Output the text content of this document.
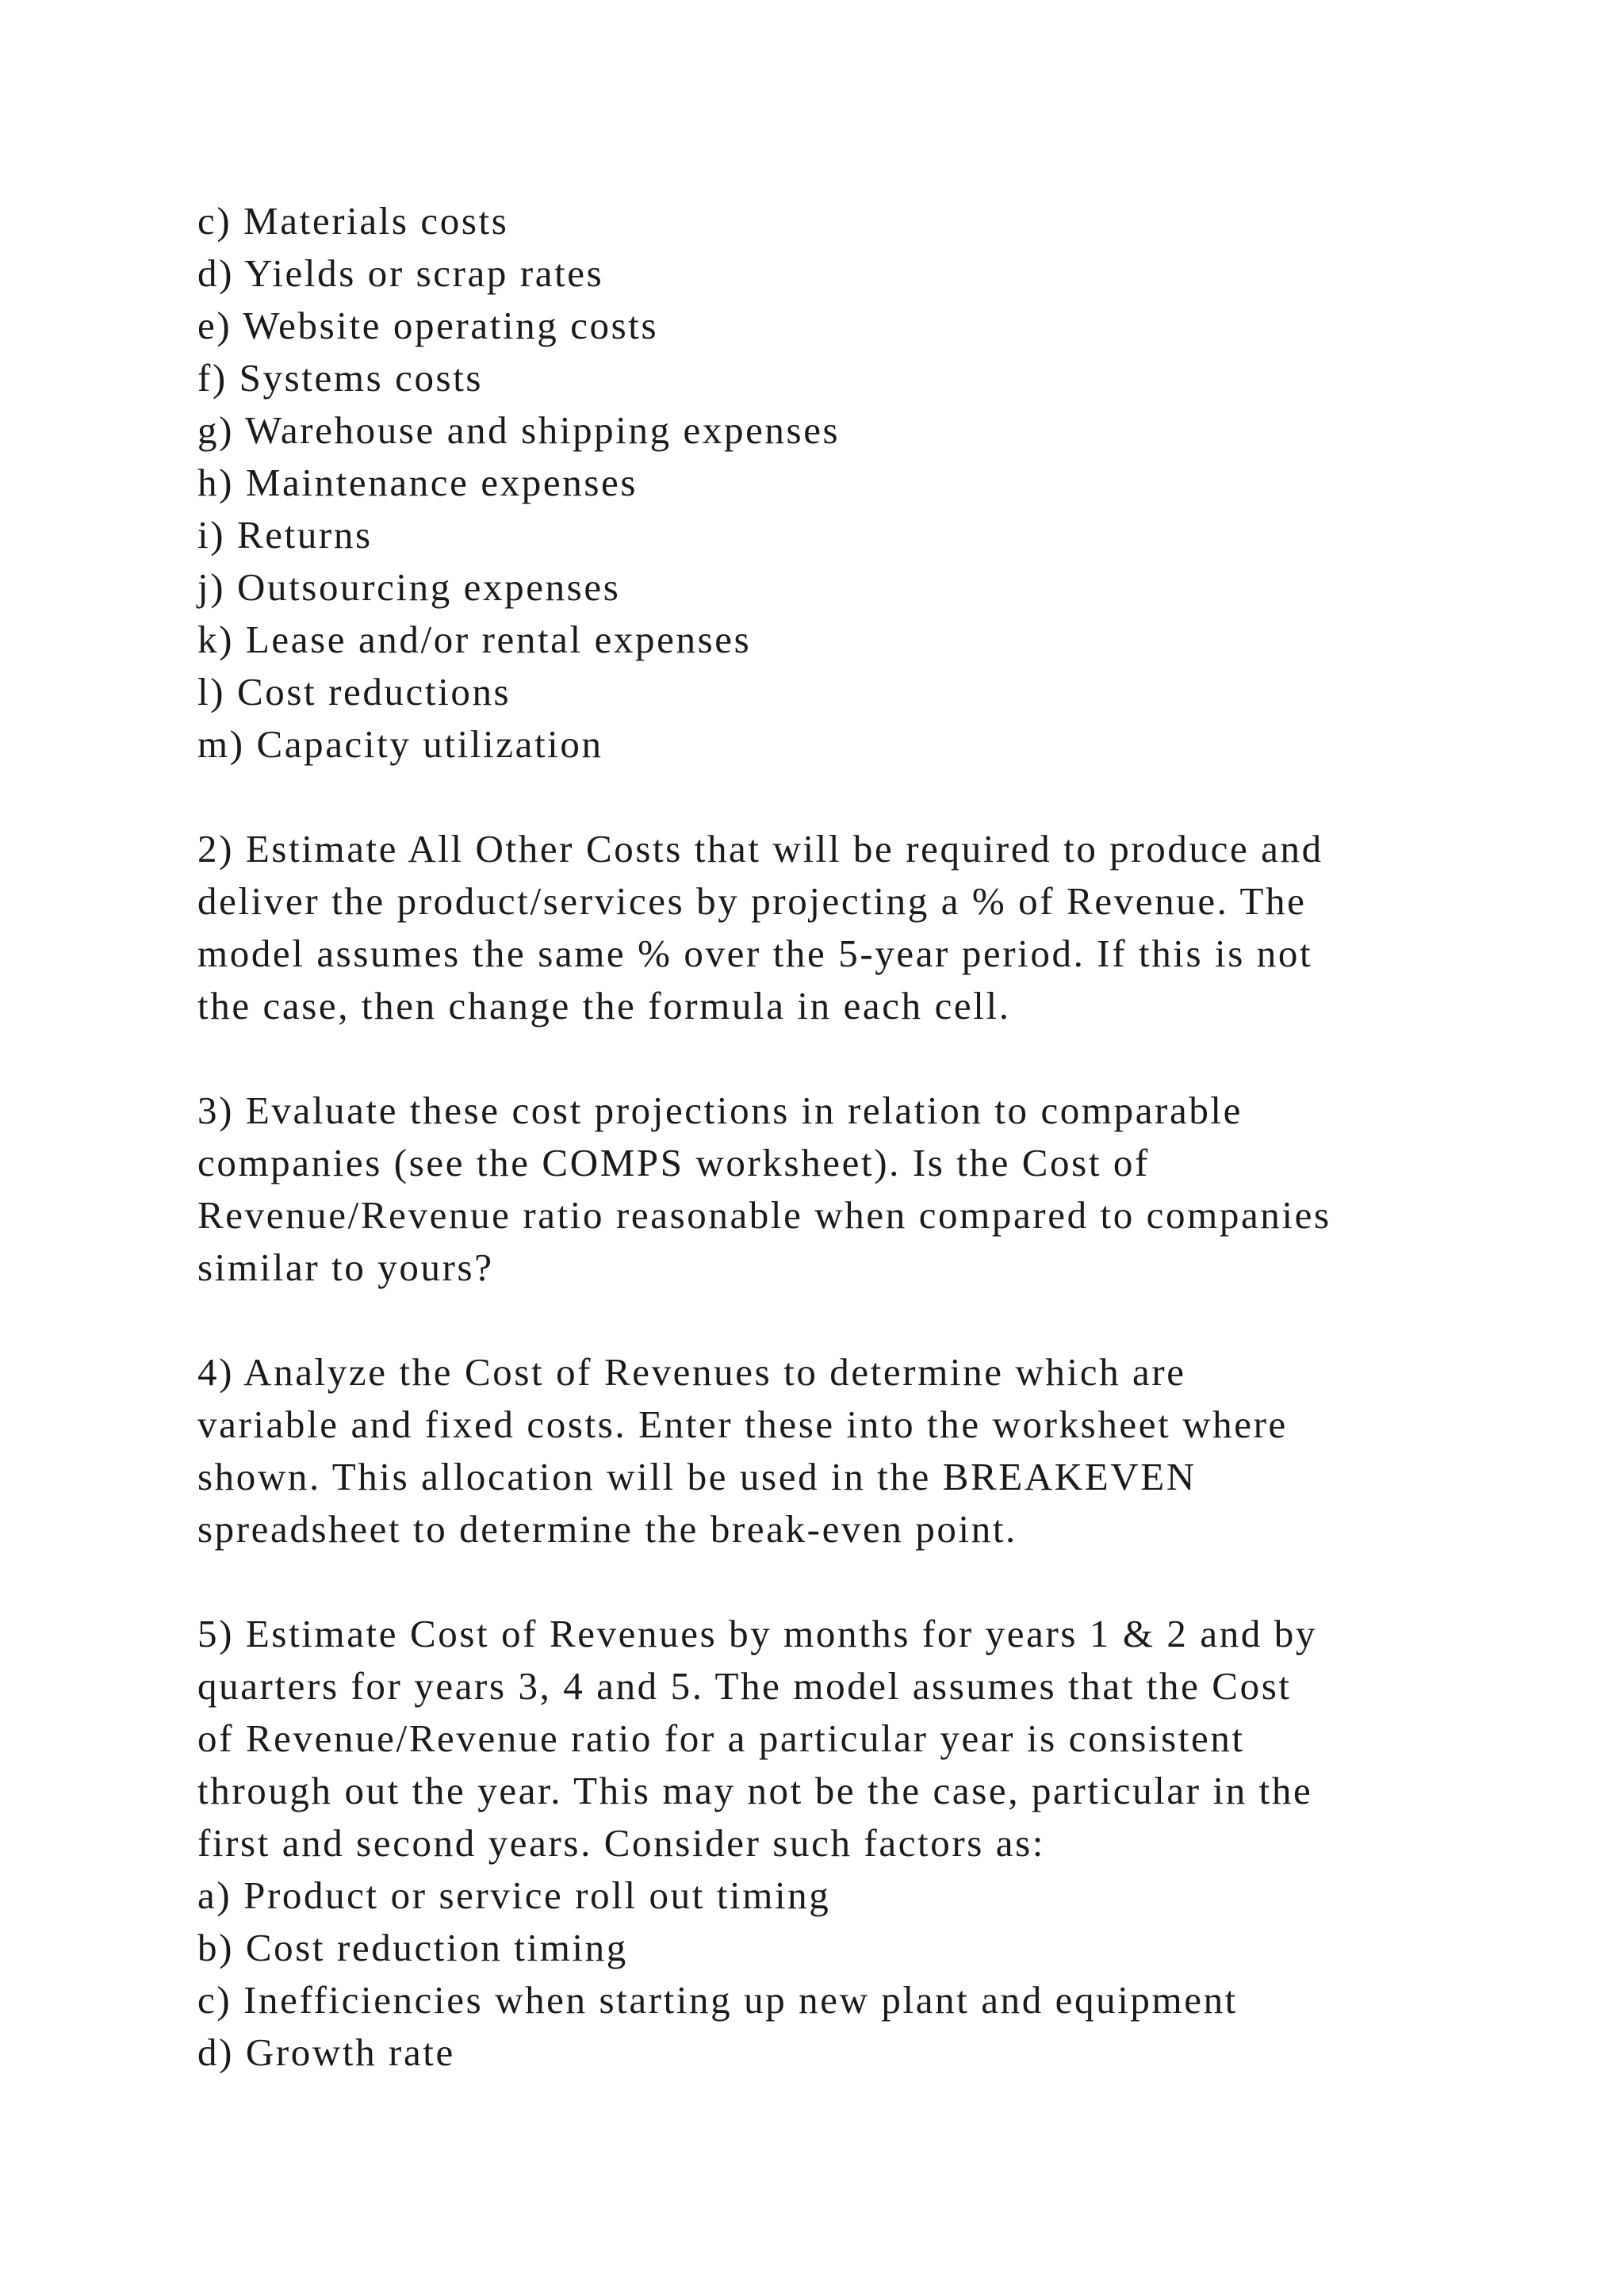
c) Materials costs
d) Yields or scrap rates
e) Website operating costs
f) Systems costs
g) Warehouse and shipping expenses
h) Maintenance expenses
i) Returns
j) Outsourcing expenses
k) Lease and/or rental expenses
l) Cost reductions
m) Capacity utilization
2) Estimate All Other Costs that will be required to produce and
deliver the product/services by projecting a % of Revenue. The
model assumes the same % over the 5-year period. If this is not
the case, then change the formula in each cell.
3) Evaluate these cost projections in relation to comparable
companies (see the COMPS worksheet). Is the Cost of
Revenue/Revenue ratio reasonable when compared to companies
similar to yours?
4) Analyze the Cost of Revenues to determine which are
variable and fixed costs. Enter these into the worksheet where
shown. This allocation will be used in the BREAKEVEN
spreadsheet to determine the break-even point.
5) Estimate Cost of Revenues by months for years 1 & 2 and by
quarters for years 3, 4 and 5. The model assumes that the Cost
of Revenue/Revenue ratio for a particular year is consistent
through out the year. This may not be the case, particular in the
first and second years. Consider such factors as:
a) Product or service roll out timing
b) Cost reduction timing
c) Inefficiencies when starting up new plant and equipment
d) Growth rate
